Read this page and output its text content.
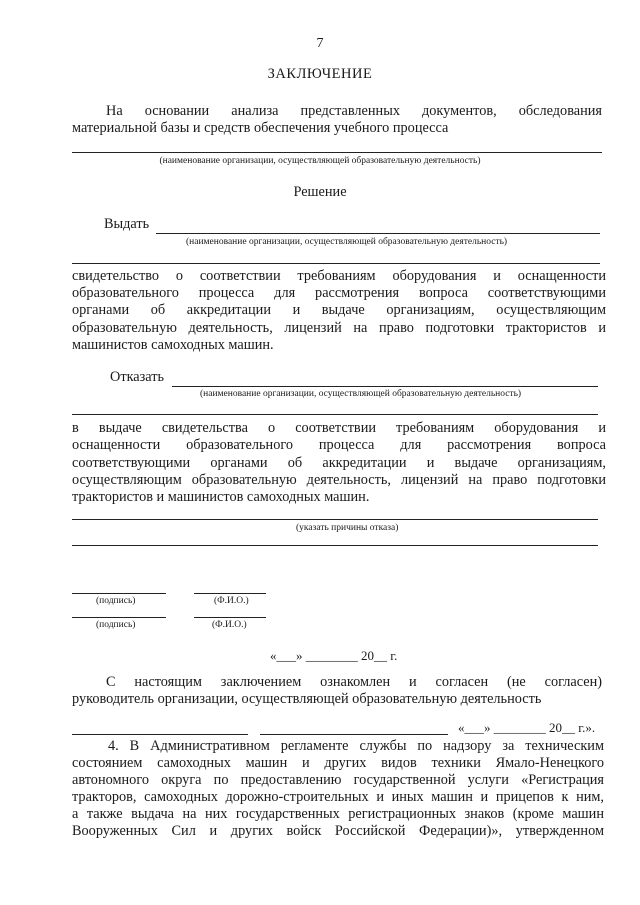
7
ЗАКЛЮЧЕНИЕ
На основании анализа представленных документов, обследования
материальной базы и средств обеспечения учебного процесса
(наименование организации, осуществляющей образовательную деятельность)
Решение
Выдать
(наименование организации, осуществляющей образовательную деятельность)
свидетельство о соответствии требованиям оборудования и оснащенности
образовательного процесса для рассмотрения вопроса соответствующими
органами об аккредитации и выдаче организациям, осуществляющим
образовательную деятельность, лицензий на право подготовки трактористов и
машинистов самоходных машин.
Отказать
(наименование организации, осуществляющей образовательную деятельность)
в выдаче свидетельства о соответствии требованиям оборудования и
оснащенности образовательного процесса для рассмотрения вопроса
соответствующими органами об аккредитации и выдаче организациям,
осуществляющим образовательную деятельность, лицензий на право подготовки
трактористов и машинистов самоходных машин.
(указать причины отказа)
(подпись)	(Ф.И.О.)
(подпись)	(Ф.И.О.)
«___» ________ 20__ г.
С настоящим заключением ознакомлен и согласен (не согласен)
руководитель организации, осуществляющей образовательную деятельность
«___» ________ 20__ г.».
4. В Административном регламенте службы по надзору за техническим
состоянием самоходных машин и других видов техники Ямало-Ненецкого
автономного округа по предоставлению государственной услуги «Регистрация
тракторов, самоходных дорожно-строительных и иных машин и прицепов к ним,
а также выдача на них государственных регистрационных знаков (кроме машин
Вооруженных Сил и других войск Российской Федерации)», утвержденном
